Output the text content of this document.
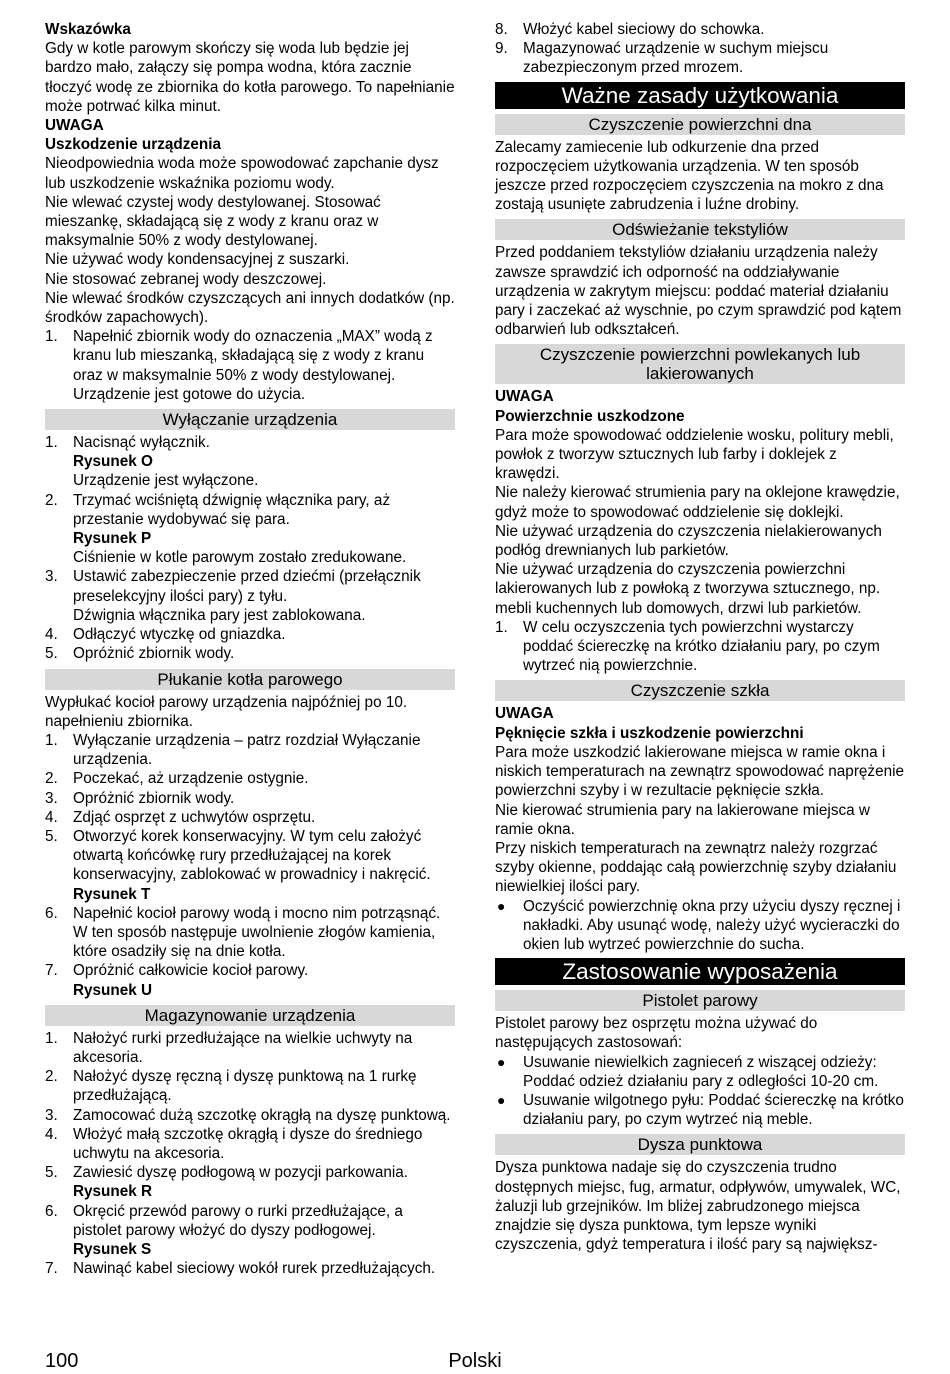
Wskazówka
Gdy w kotle parowym skończy się woda lub będzie jej bardzo mało, załączy się pompa wodna, która zacznie tłoczyć wodę ze zbiornika do kotła parowego. To napełnianie może potrwać kilka minut.
UWAGA
Uszkodzenie urządzenia
Nieodpowiednia woda może spowodować zapchanie dysz lub uszkodzenie wskaźnika poziomu wody.
Nie wlewać czystej wody destylowanej. Stosować mieszankę, składającą się z wody z kranu oraz w maksymalnie 50% z wody destylowanej.
Nie używać wody kondensacyjnej z suszarki.
Nie stosować zebranej wody deszczowej.
Nie wlewać środków czyszczących ani innych dodatków (np. środków zapachowych).
1. Napełnić zbiornik wody do oznaczenia „MAX” wodą z kranu lub mieszanką, składającą się z wody z kranu oraz w maksymalnie 50% z wody destylowanej.
Urządzenie jest gotowe do użycia.
Wyłączanie urządzenia
1. Nacisnąć wyłącznik.
Rysunek O
Urządzenie jest wyłączone.
2. Trzymać wciśniętą dźwignię włącznika pary, aż przestanie wydobywać się para.
Rysunek P
Ciśnienie w kotle parowym zostało zredukowane.
3. Ustawić zabezpieczenie przed dziećmi (przełącznik preselekcyjny ilości pary) z tyłu.
Dźwignia włącznika pary jest zablokowana.
4. Odłączyć wtyczkę od gniazdka.
5. Opróżnić zbiornik wody.
Płukanie kotła parowego
Wypłukać kocioł parowy urządzenia najpóźniej po 10. napełnieniu zbiornika.
1. Wyłączanie urządzenia – patrz rozdział Wyłączanie urządzenia.
2. Poczekać, aż urządzenie ostygnie.
3. Opróżnić zbiornik wody.
4. Zdjąć osprzęt z uchwytów osprzętu.
5. Otworzyć korek konserwacyjny. W tym celu założyć otwartą końcówkę rury przedłużającej na korek konserwacyjny, zablokować w prowadnicy i nakręcić.
Rysunek T
6. Napełnić kocioł parowy wodą i mocno nim potrząsnąć. W ten sposób następuje uwolnienie złogów kamienia, które osadziły się na dnie kotła.
7. Opróżnić całkowicie kocioł parowy.
Rysunek U
Magazynowanie urządzenia
1. Nałożyć rurki przedłużające na wielkie uchwyty na akcesoria.
2. Nałożyć dyszę ręczną i dyszę punktową na 1 rurkę przedłużającą.
3. Zamocować dużą szczotkę okrągłą na dyszę punktową.
4. Włożyć małą szczotkę okrągłą i dysze do średniego uchwytu na akcesoria.
5. Zawiesić dyszę podłogową w pozycji parkowania.
Rysunek R
6. Okręcić przewód parowy o rurki przedłużające, a pistolet parowy włożyć do dyszy podłogowej.
Rysunek S
7. Nawinąć kabel sieciowy wokół rurek przedłużających.
8. Włożyć kabel sieciowy do schowka.
9. Magazynować urządzenie w suchym miejscu zabezpieczonym przed mrozem.
Ważne zasady użytkowania
Czyszczenie powierzchni dna
Zalecamy zamiecenie lub odkurzenie dna przed rozpoczęciem użytkowania urządzenia. W ten sposób jeszcze przed rozpoczęciem czyszczenia na mokro z dna zostają usunięte zabrudzenia i luźne drobiny.
Odświeżanie tekstyliów
Przed poddaniem tekstyliów działaniu urządzenia należy zawsze sprawdzić ich odporność na oddziaływanie urządzenia w zakrytym miejscu: poddać materiał działaniu pary i zaczekać aż wyschnie, po czym sprawdzić pod kątem odbarwień lub odkształceń.
Czyszczenie powierzchni powlekanych lub lakierowanych
UWAGA
Powierzchnie uszkodzone
Para może spowodować oddzielenie wosku, politury mebli, powłok z tworzyw sztucznych lub farby i doklejek z krawędzi.
Nie należy kierować strumienia pary na oklejone krawędzie, gdyż może to spowodować oddzielenie się doklejki.
Nie używać urządzenia do czyszczenia nielakierowanych podłóg drewnianych lub parkietów.
Nie używać urządzenia do czyszczenia powierzchni lakierowanych lub z powłoką z tworzywa sztucznego, np. mebli kuchennych lub domowych, drzwi lub parkietów.
1. W celu oczyszczenia tych powierzchni wystarczy poddać ściereczkę na krótko działaniu pary, po czym wytrzeć nią powierzchnie.
Czyszczenie szkła
UWAGA
Pęknięcie szkła i uszkodzenie powierzchni
Para może uszkodzić lakierowane miejsca w ramie okna i niskich temperaturach na zewnątrz spowodować naprężenie powierzchni szyby i w rezultacie pęknięcie szkła.
Nie kierować strumienia pary na lakierowane miejsca w ramie okna.
Przy niskich temperaturach na zewnątrz należy rozgrzać szyby okienne, poddając całą powierzchnię szyby działaniu niewielkiej ilości pary.
● Oczyścić powierzchnię okna przy użyciu dyszy ręcznej i nakładki. Aby usunąć wodę, należy użyć wycieraczki do okien lub wytrzeć powierzchnie do sucha.
Zastosowanie wyposażenia
Pistolet parowy
Pistolet parowy bez osprzętu można używać do następujących zastosowań:
● Usuwanie niewielkich zagnieceń z wiszącej odzieży: Poddać odzież działaniu pary z odległości 10-20 cm.
● Usuwanie wilgotnego pyłu: Poddać ściereczkę na krótko działaniu pary, po czym wytrzeć nią meble.
Dysza punktowa
Dysza punktowa nadaje się do czyszczenia trudno dostępnych miejsc, fug, armatur, odpływów, umywalek, WC, żaluzji lub grzejników. Im bliżej zabrudzonego miejsca znajdzie się dysza punktowa, tym lepsze wyniki czyszczenia, gdyż temperatura i ilość pary są największ-
100	Polski
